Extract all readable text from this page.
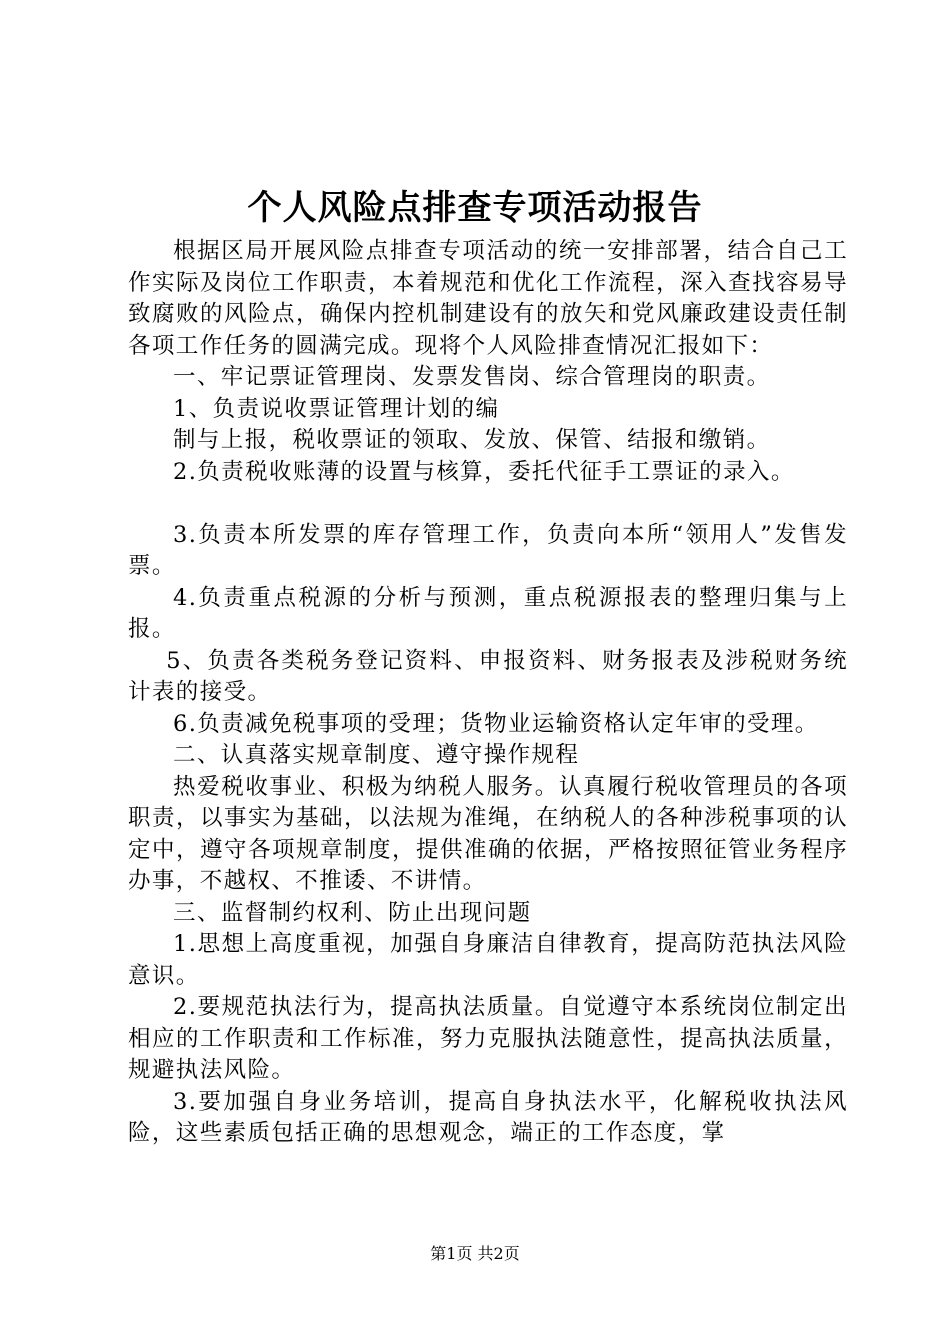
个人风险点排查专项活动报告

根据区局开展风险点排查专项活动的统一安排部署，结合自己工作实际及岗位工作职责，本着规范和优化工作流程，深入查找容易导致腐败的风险点，确保内控机制建设有的放矢和党风廉政建设责任制各项工作任务的圆满完成。现将个人风险排查情况汇报如下：

一、牢记票证管理岗、发票发售岗、综合管理岗的职责。

1、负责说收票证管理计划的编

制与上报，税收票证的领取、发放、保管、结报和缴销。

2.负责税收账薄的设置与核算，委托代征手工票证的录入。

3.负责本所发票的库存管理工作，负责向本所“领用人”发售发票。

4.负责重点税源的分析与预测，重点税源报表的整理归集与上报。

5、负责各类税务登记资料、申报资料、财务报表及涉税财务统计表的接受。

6.负责减免税事项的受理；货物业运输资格认定年审的受理。

二、认真落实规章制度、遵守操作规程

热爱税收事业、积极为纳税人服务。认真履行税收管理员的各项职责，以事实为基础，以法规为准绳，在纳税人的各种涉税事项的认定中，遵守各项规章制度，提供准确的依据，严格按照征管业务程序办事，不越权、不推诿、不讲情。

三、监督制约权利、防止出现问题

1.思想上高度重视，加强自身廉洁自律教育，提高防范执法风险意识。

2.要规范执法行为，提高执法质量。自觉遵守本系统岗位制定出相应的工作职责和工作标准，努力克服执法随意性，提高执法质量，规避执法风险。

3.要加强自身业务培训，提高自身执法水平，化解税收执法风险，这些素质包括正确的思想观念，端正的工作态度，掌

第1页 共2页
